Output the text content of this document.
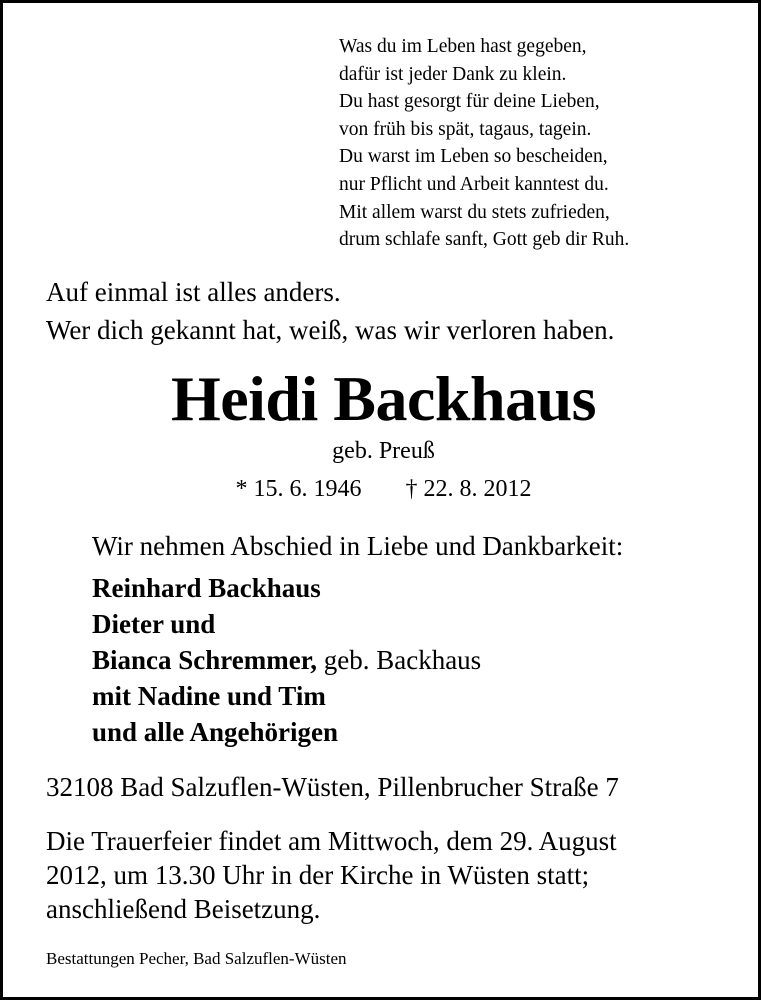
Was du im Leben hast gegeben,
dafür ist jeder Dank zu klein.
Du hast gesorgt für deine Lieben,
von früh bis spät, tagaus, tagein.
Du warst im Leben so bescheiden,
nur Pflicht und Arbeit kanntest du.
Mit allem warst du stets zufrieden,
drum schlafe sanft, Gott geb dir Ruh.
Auf einmal ist alles anders.
Wer dich gekannt hat, weiß, was wir verloren haben.
Heidi Backhaus
geb. Preuß
* 15. 6. 1946 † 22. 8. 2012
Wir nehmen Abschied in Liebe und Dankbarkeit:
Reinhard Backhaus
Dieter und
Bianca Schremmer, geb. Backhaus
mit Nadine und Tim
und alle Angehörigen
32108 Bad Salzuflen-Wüsten, Pillenbrucher Straße 7
Die Trauerfeier findet am Mittwoch, dem 29. August
2012, um 13.30 Uhr in der Kirche in Wüsten statt;
anschließend Beisetzung.
Bestattungen Pecher, Bad Salzuflen-Wüsten
